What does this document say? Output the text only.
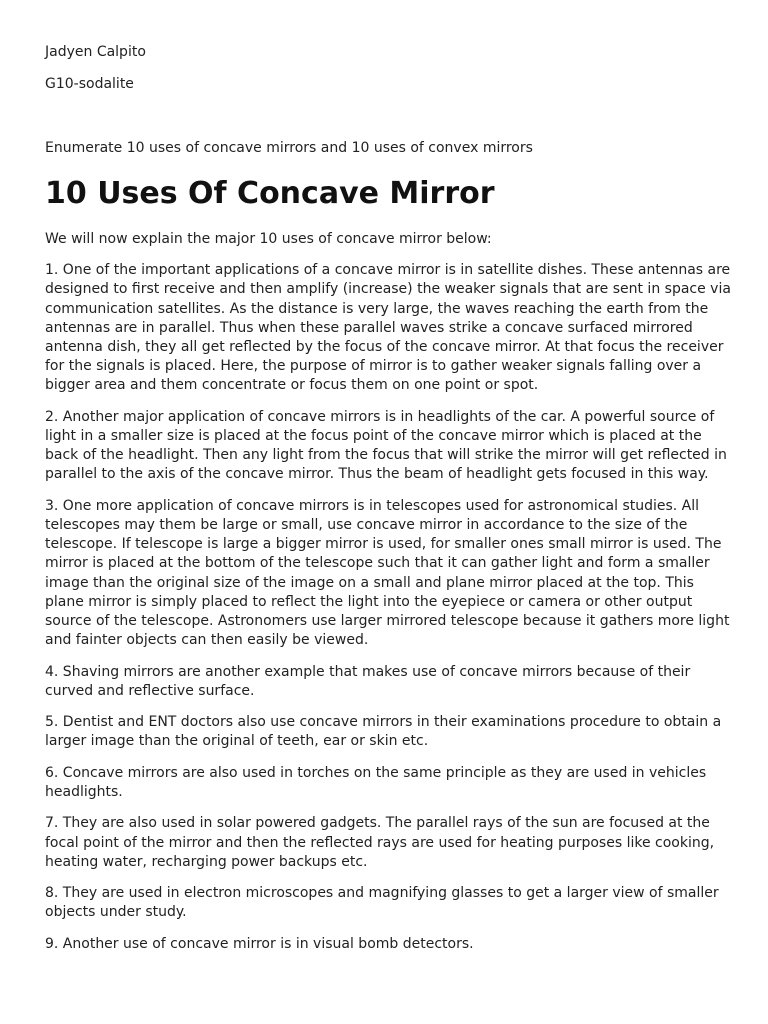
Jadyen Calpito

G10-sodalite

Enumerate 10 uses of concave mirrors and 10 uses of convex mirrors

10 Uses Of Concave Mirror

We will now explain the major 10 uses of concave mirror below:

1. One of the important applications of a concave mirror is in satellite dishes. These antennas are designed to first receive and then amplify (increase) the weaker signals that are sent in space via communication satellites. As the distance is very large, the waves reaching the earth from the antennas are in parallel. Thus when these parallel waves strike a concave surfaced mirrored antenna dish, they all get reflected by the focus of the concave mirror. At that focus the receiver for the signals is placed. Here, the purpose of mirror is to gather weaker signals falling over a bigger area and them concentrate or focus them on one point or spot.
2. Another major application of concave mirrors is in headlights of the car. A powerful source of light in a smaller size is placed at the focus point of the concave mirror which is placed at the back of the headlight. Then any light from the focus that will strike the mirror will get reflected in parallel to the axis of the concave mirror. Thus the beam of headlight gets focused in this way.
3. One more application of concave mirrors is in telescopes used for astronomical studies. All telescopes may them be large or small, use concave mirror in accordance to the size of the telescope. If telescope is large a bigger mirror is used, for smaller ones small mirror is used. The mirror is placed at the bottom of the telescope such that it can gather light and form a smaller image than the original size of the image on a small and plane mirror placed at the top. This plane mirror is simply placed to reflect the light into the eyepiece or camera or other output source of the telescope. Astronomers use larger mirrored telescope because it gathers more light and fainter objects can then easily be viewed.
4. Shaving mirrors are another example that makes use of concave mirrors because of their curved and reflective surface.
5. Dentist and ENT doctors also use concave mirrors in their examinations procedure to obtain a larger image than the original of teeth, ear or skin etc.
6. Concave mirrors are also used in torches on the same principle as they are used in vehicles headlights.
7. They are also used in solar powered gadgets. The parallel rays of the sun are focused at the focal point of the mirror and then the reflected rays are used for heating purposes like cooking, heating water, recharging power backups etc.
8. They are used in electron microscopes and magnifying glasses to get a larger view of smaller objects under study.
9. Another use of concave mirror is in visual bomb detectors.
